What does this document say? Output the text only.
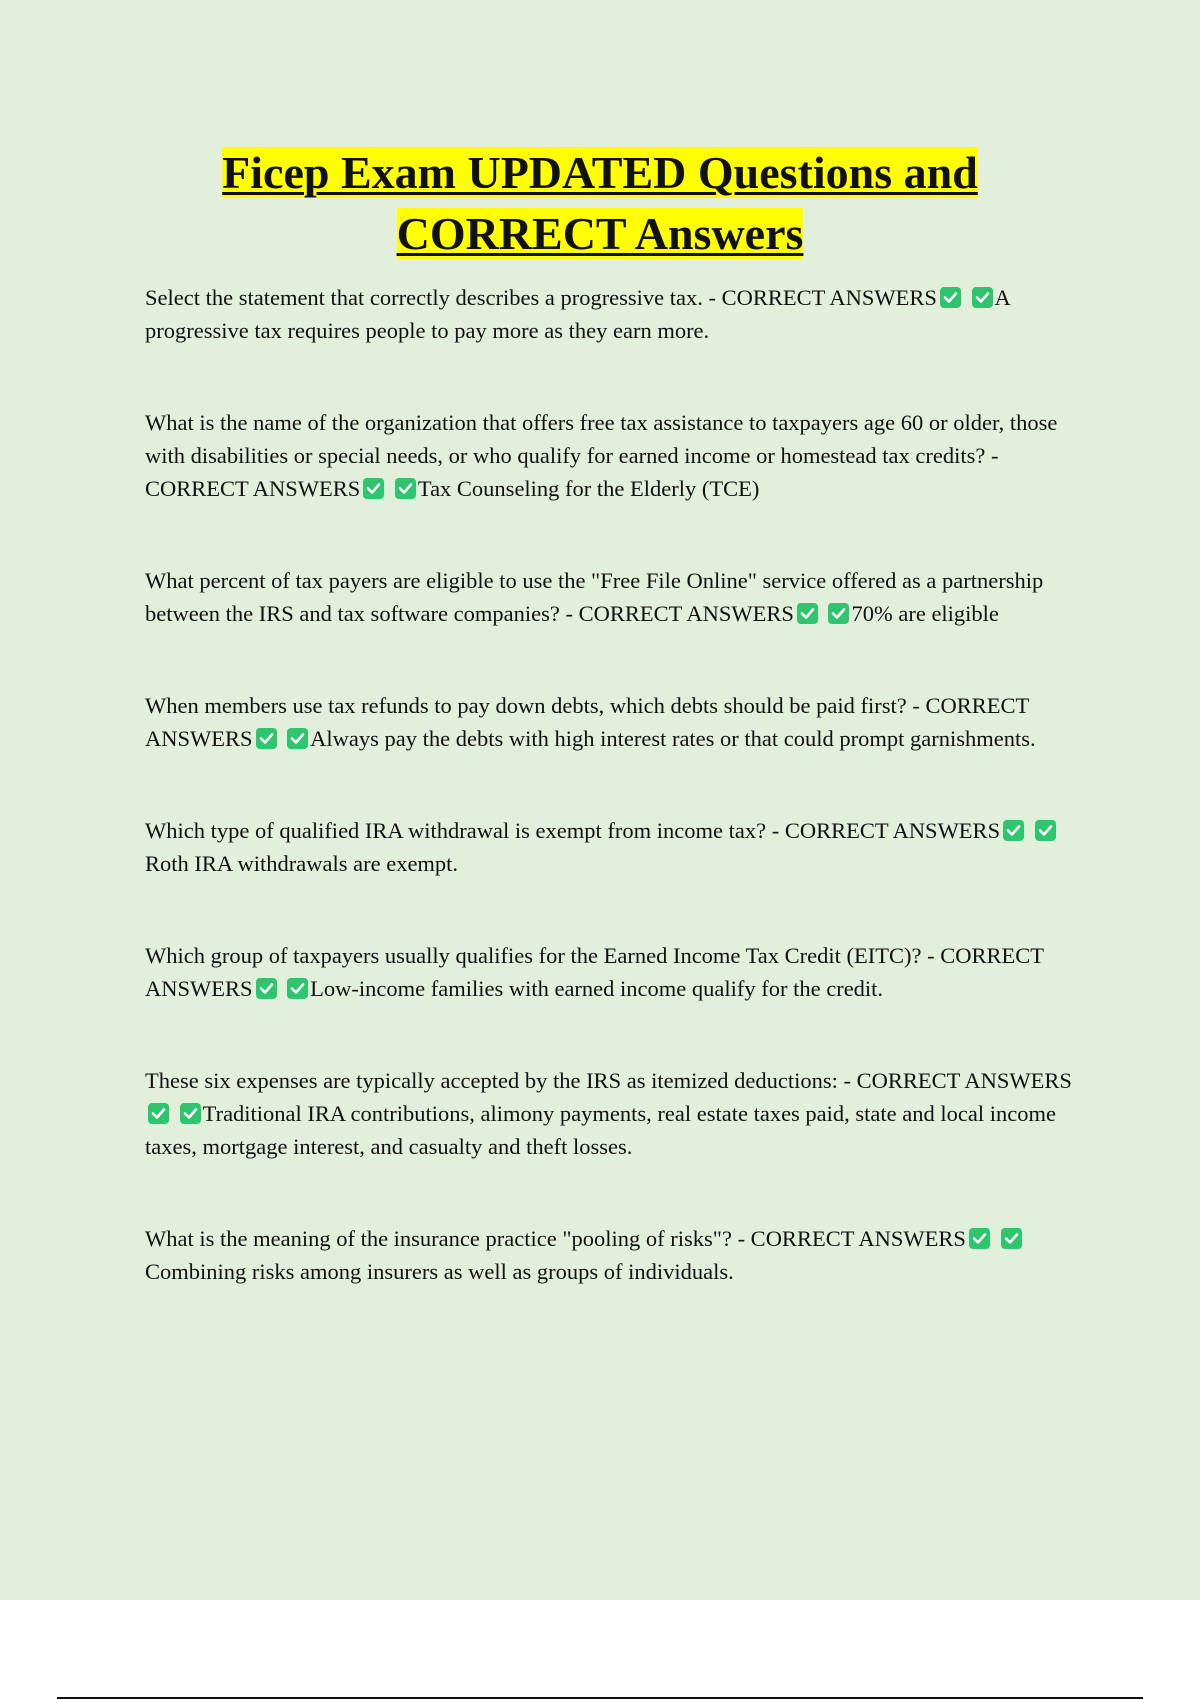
Ficep Exam UPDATED Questions and
CORRECT Answers

Select the statement that correctly describes a progressive tax. - CORRECT ANSWERS
	A progressive tax requires people to pay more as they earn more.

What is the name of the organization that offers free tax assistance to taxpayers age 60 or older, those with disabilities or special needs, or who qualify for earned income or homestead tax credits? - CORRECT ANSWERS
	Tax Counseling for the Elderly (TCE)

What percent of tax payers are eligible to use the "Free File Online" service offered as a partnership between the IRS and tax software companies? - CORRECT ANSWERS
	70% are eligible

When members use tax refunds to pay down debts, which debts should be paid first? - CORRECT ANSWERS
	Always pay the debts with high interest rates or that could prompt garnishments.

Which type of qualified IRA withdrawal is exempt from income tax? - CORRECT ANSWERS

Roth IRA withdrawals are exempt.

Which group of taxpayers usually qualifies for the Earned Income Tax Credit (EITC)? - CORRECT ANSWERS
	Low-income families with earned income qualify for the credit.

These six expenses are typically accepted by the IRS as itemized deductions: - CORRECT ANSWERS

Traditional IRA contributions, alimony payments, real estate taxes paid, state and local income taxes, mortgage interest, and casualty and theft losses.

What is the meaning of the insurance practice "pooling of risks"? - CORRECT ANSWERS

Combining risks among insurers as well as groups of individuals.
